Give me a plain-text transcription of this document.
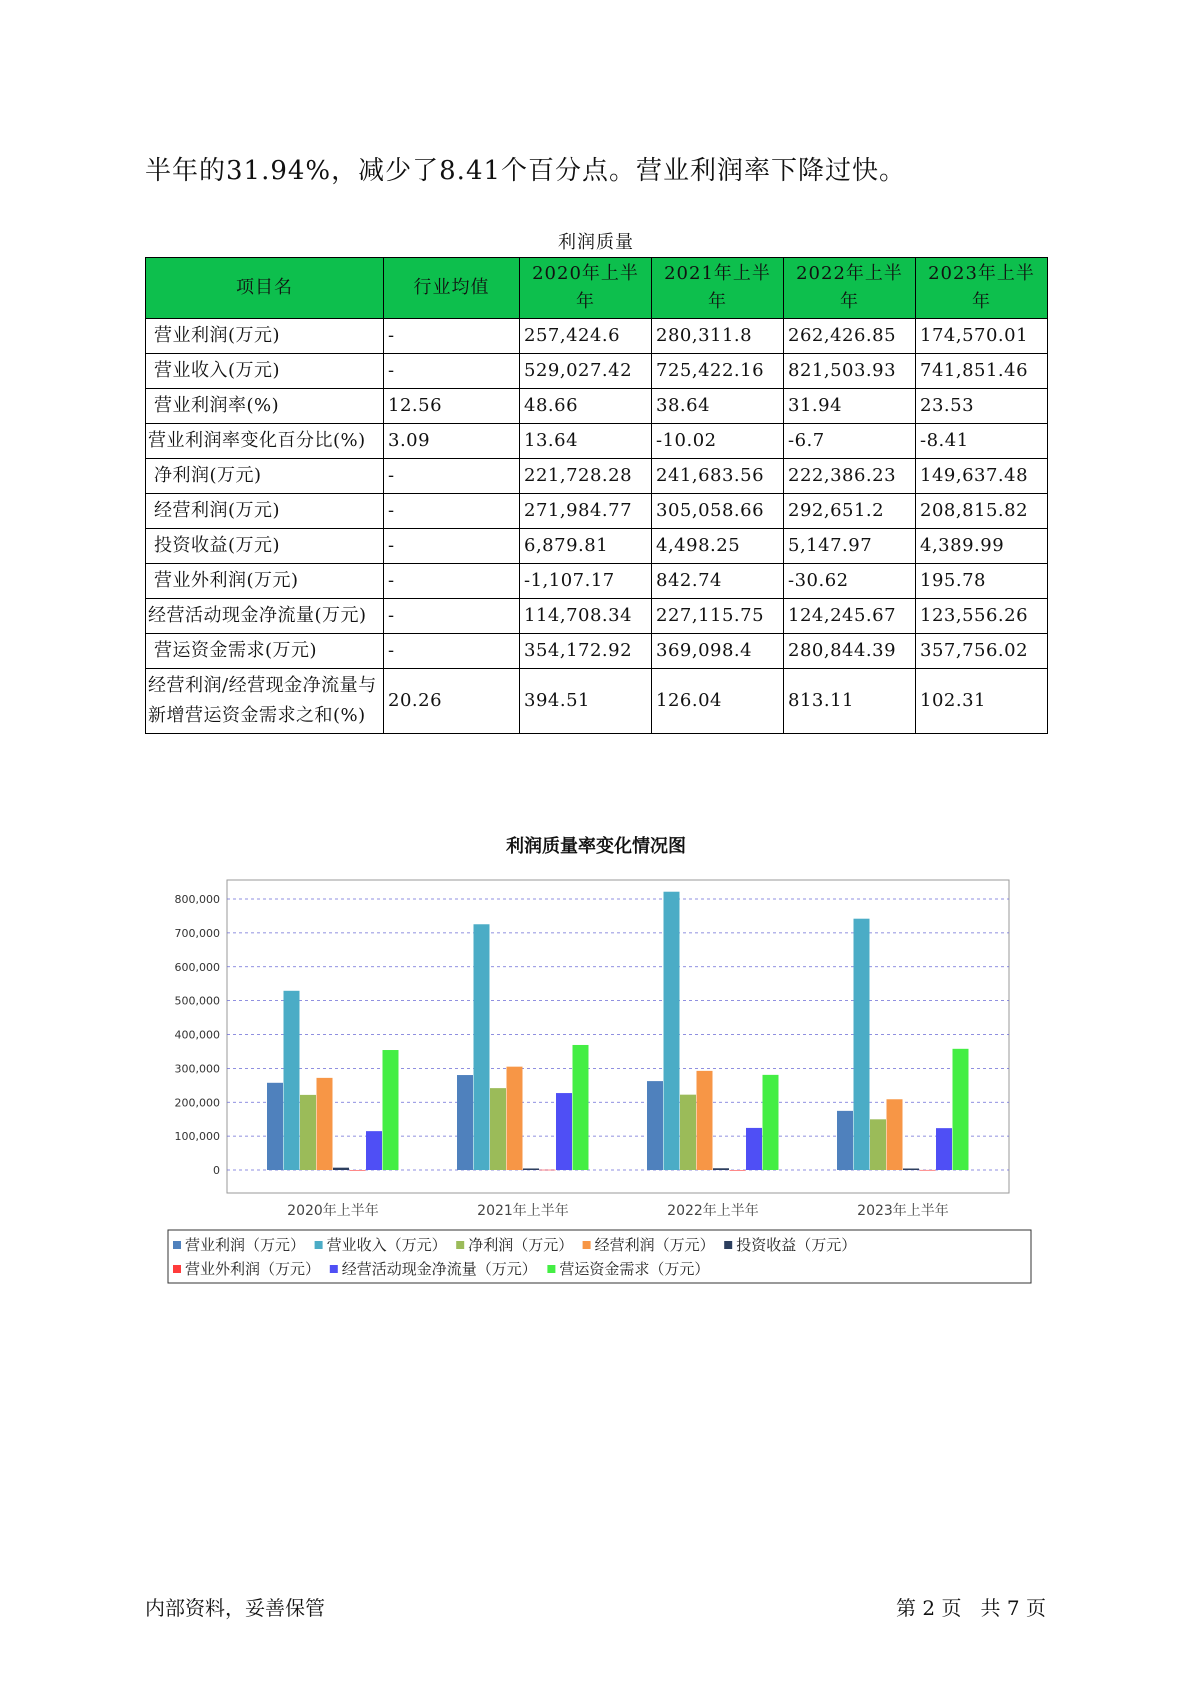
半年的31.94%，减少了8.41个百分点。营业利润率下降过快。
利润质量
项目名	行业均值	2020年上半年	2021年上半年	2022年上半年	2023年上半年
营业利润(万元)	-	257,424.6	280,311.8	262,426.85	174,570.01
营业收入(万元)	-	529,027.42	725,422.16	821,503.93	741,851.46
营业利润率(%)	12.56	48.66	38.64	31.94	23.53
营业利润率变化百分比(%)	3.09	13.64	-10.02	-6.7	-8.41
净利润(万元)	-	221,728.28	241,683.56	222,386.23	149,637.48
经营利润(万元)	-	271,984.77	305,058.66	292,651.2	208,815.82
投资收益(万元)	-	6,879.81	4,498.25	5,147.97	4,389.99
营业外利润(万元)	-	-1,107.17	842.74	-30.62	195.78
经营活动现金净流量(万元)	-	114,708.34	227,115.75	124,245.67	123,556.26
营运资金需求(万元)	-	354,172.92	369,098.4	280,844.39	357,756.02
经营利润/经营现金净流量与新增营运资金需求之和(%)	20.26	394.51	126.04	813.11	102.31
利润质量率变化情况图
0
100,000
200,000
300,000
400,000
500,000
600,000
700,000
800,000
2020年上半年	2021年上半年	2022年上半年	2023年上半年
营业利润（万元） 营业收入（万元） 净利润（万元） 经营利润（万元） 投资收益（万元）
营业外利润（万元） 经营活动现金净流量（万元） 营运资金需求（万元）
内部资料，妥善保管	第 2 页   共 7 页
